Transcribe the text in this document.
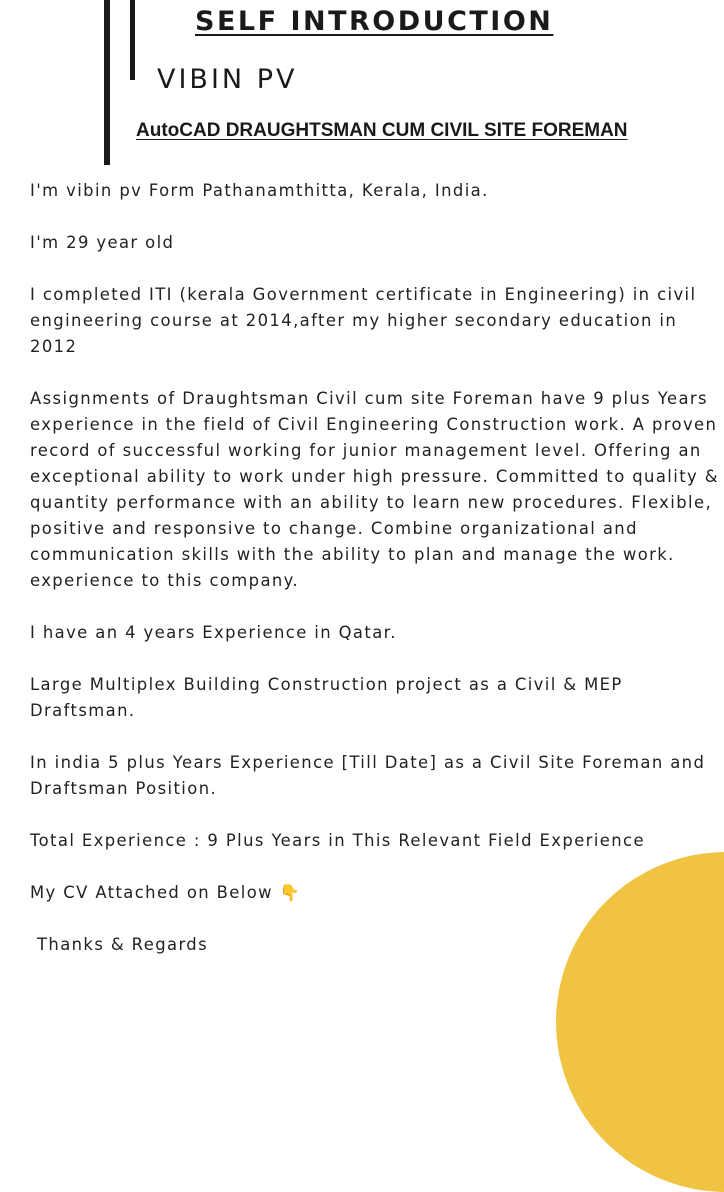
SELF INTRODUCTION
VIBIN PV
AutoCAD DRAUGHTSMAN CUM CIVIL SITE FOREMAN

I'm vibin pv Form Pathanamthitta, Kerala, India.

I'm 29 year old

I completed ITI (kerala Government certificate in Engineering) in civil engineering course at 2014,after my higher secondary education in 2012

Assignments of Draughtsman Civil cum site Foreman have 9 plus Years experience in the field of Civil Engineering Construction work. A proven record of successful working for junior management level. Offering an exceptional ability to work under high pressure. Committed to quality & quantity performance with an ability to learn new procedures. Flexible, positive and responsive to change. Combine organizational and communication skills with the ability to plan and manage the work. experience to this company.

I have an 4 years Experience in Qatar.

Large Multiplex Building Construction project as a Civil & MEP Draftsman.

In india 5 plus Years Experience [Till Date] as a Civil Site Foreman and Draftsman Position.

Total Experience : 9 Plus Years in This Relevant Field Experience

My CV Attached on Below 👇

Thanks & Regards
